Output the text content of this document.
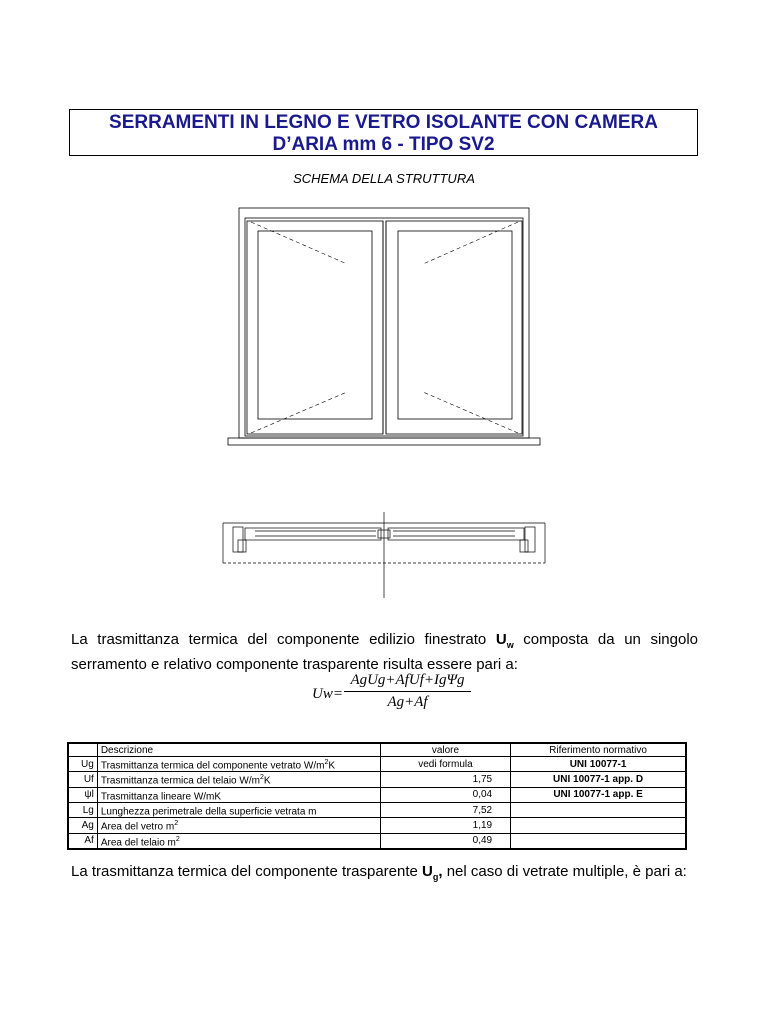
SERRAMENTI IN LEGNO E VETRO ISOLANTE CON CAMERA
D’ARIA mm 6 - TIPO SV2
SCHEMA DELLA STRUTTURA
La trasmittanza termica del componente edilizio finestrato $U_w$ composta da un singolo serramento e relativo componente trasparente risulta essere pari a:
Uw=
AgUg+AfUf+IgΨg
Ag+Af
	Descrizione	valore	Riferimento normativo
Ug	Trasmittanza termica del componente vetrato $W/m^2K$	vedi formula	UNI 10077-1
Uf	Trasmittanza termica del telaio $W/m^2K$	1,75	UNI 10077-1 app. D
ψl	Trasmittanza lineare W/mK	0,04	UNI 10077-1 app. E
Lg	Lunghezza perimetrale della superficie vetrata m	7,52	
Ag	Area del vetro $m^2$	1,19	
Af	Area del telaio $m^2$	0,49	
La trasmittanza termica del componente trasparente $U_g$, nel caso di vetrate multiple, è pari a:
